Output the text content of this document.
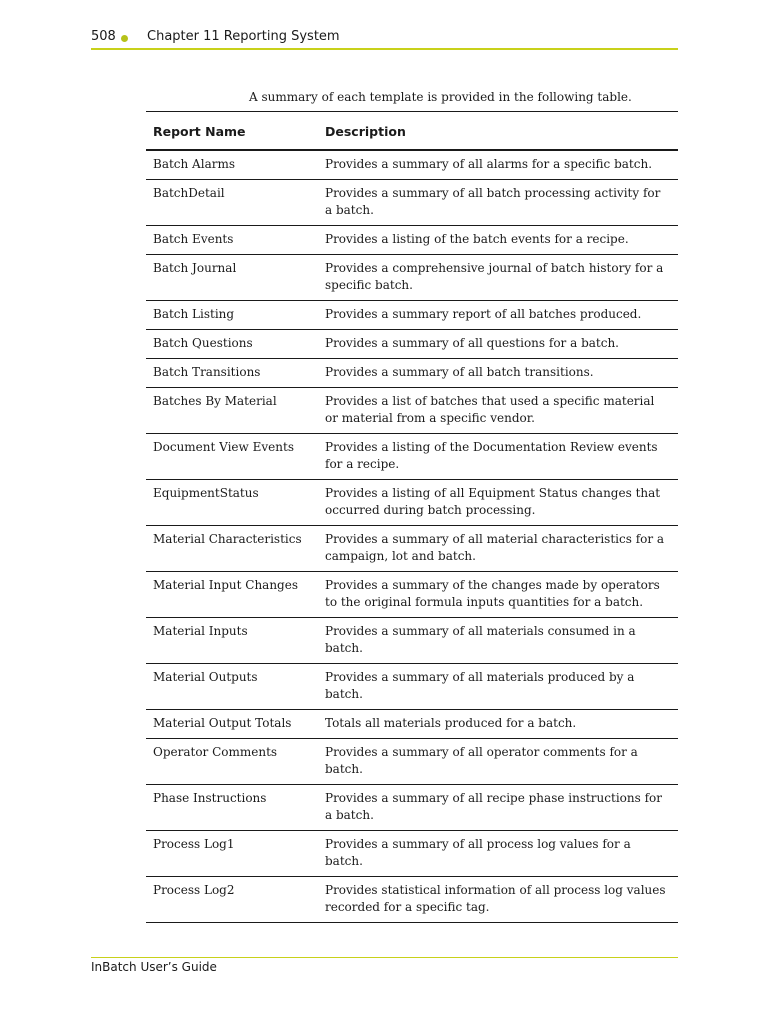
508 Chapter 11 Reporting System
A summary of each template is provided in the following table.
Report Name	Description
Batch Alarms	Provides a summary of all alarms for a specific batch.
BatchDetail	Provides a summary of all batch processing activity for a batch.
Batch Events	Provides a listing of the batch events for a recipe.
Batch Journal	Provides a comprehensive journal of batch history for a specific batch.
Batch Listing	Provides a summary report of all batches produced.
Batch Questions	Provides a summary of all questions for a batch.
Batch Transitions	Provides a summary of all batch transitions.
Batches By Material	Provides a list of batches that used a specific material or material from a specific vendor.
Document View Events	Provides a listing of the Documentation Review events for a recipe.
EquipmentStatus	Provides a listing of all Equipment Status changes that occurred during batch processing.
Material Characteristics	Provides a summary of all material characteristics for a campaign, lot and batch.
Material Input Changes	Provides a summary of the changes made by operators to the original formula inputs quantities for a batch.
Material Inputs	Provides a summary of all materials consumed in a batch.
Material Outputs	Provides a summary of all materials produced by a batch.
Material Output Totals	Totals all materials produced for a batch.
Operator Comments	Provides a summary of all operator comments for a batch.
Phase Instructions	Provides a summary of all recipe phase instructions for a batch.
Process Log1	Provides a summary of all process log values for a batch.
Process Log2	Provides statistical information of all process log values recorded for a specific tag.
InBatch User’s Guide
